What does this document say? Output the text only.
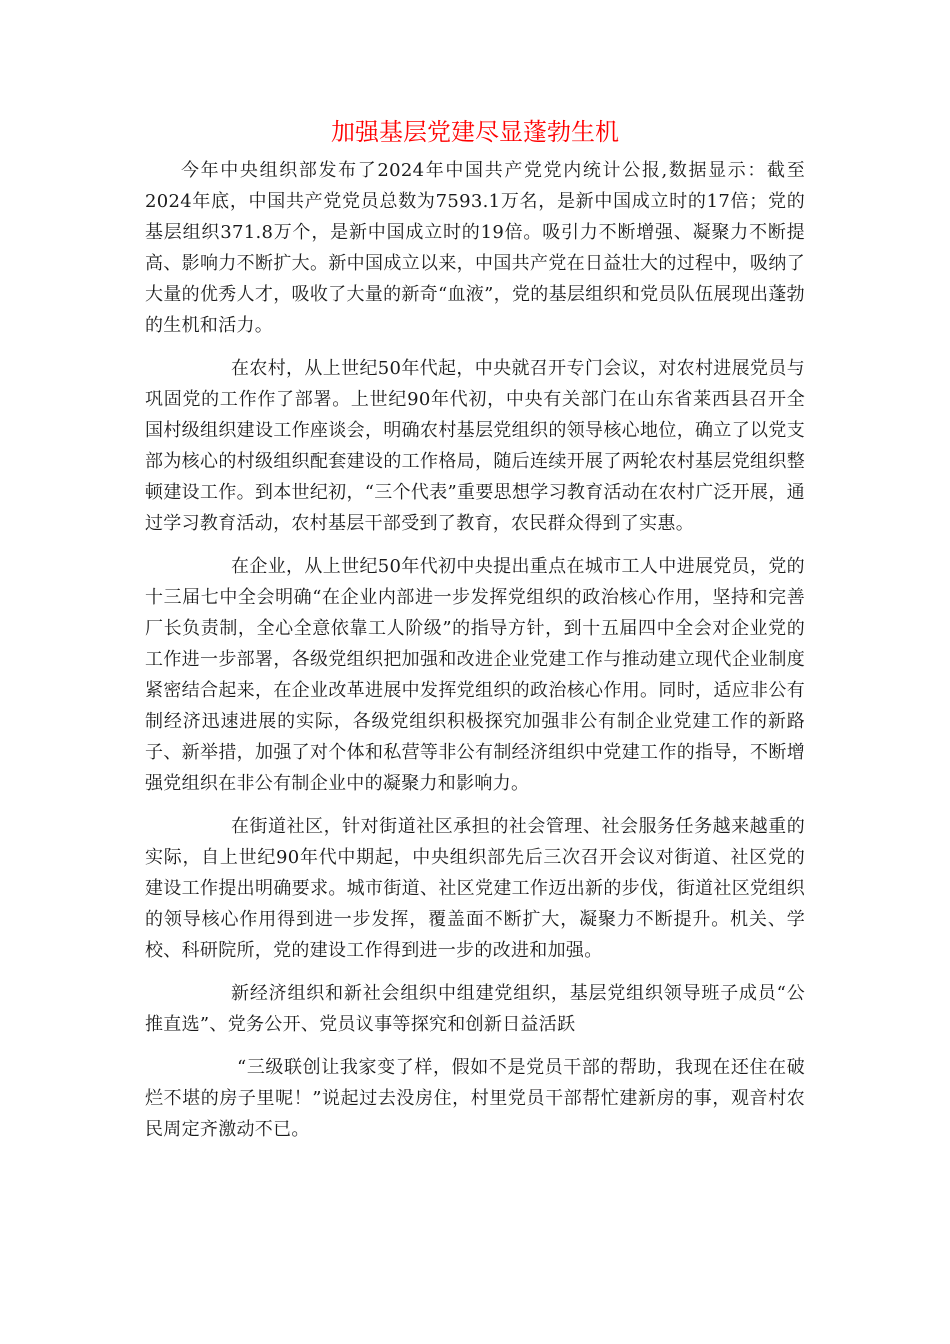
加强基层党建尽显蓬勃生机

今年中央组织部发布了2024年中国共产党党内统计公报,数据显示：截至2024年底，中国共产党党员总数为7593.1万名，是新中国成立时的17倍；党的基层组织371.8万个，是新中国成立时的19倍。吸引力不断增强、凝聚力不断提高、影响力不断扩大。新中国成立以来，中国共产党在日益壮大的过程中，吸纳了大量的优秀人才，吸收了大量的新奇“血液”，党的基层组织和党员队伍展现出蓬勃的生机和活力。

在农村，从上世纪50年代起，中央就召开专门会议，对农村进展党员与巩固党的工作作了部署。上世纪90年代初，中央有关部门在山东省莱西县召开全国村级组织建设工作座谈会，明确农村基层党组织的领导核心地位，确立了以党支部为核心的村级组织配套建设的工作格局，随后连续开展了两轮农村基层党组织整顿建设工作。到本世纪初，“三个代表”重要思想学习教育活动在农村广泛开展，通过学习教育活动，农村基层干部受到了教育，农民群众得到了实惠。

在企业，从上世纪50年代初中央提出重点在城市工人中进展党员，党的十三届七中全会明确“在企业内部进一步发挥党组织的政治核心作用，坚持和完善厂长负责制，全心全意依靠工人阶级”的指导方针，到十五届四中全会对企业党的工作进一步部署，各级党组织把加强和改进企业党建工作与推动建立现代企业制度紧密结合起来，在企业改革进展中发挥党组织的政治核心作用。同时，适应非公有制经济迅速进展的实际，各级党组织积极探究加强非公有制企业党建工作的新路子、新举措，加强了对个体和私营等非公有制经济组织中党建工作的指导，不断增强党组织在非公有制企业中的凝聚力和影响力。

在街道社区，针对街道社区承担的社会管理、社会服务任务越来越重的实际，自上世纪90年代中期起，中央组织部先后三次召开会议对街道、社区党的建设工作提出明确要求。城市街道、社区党建工作迈出新的步伐，街道社区党组织的领导核心作用得到进一步发挥，覆盖面不断扩大，凝聚力不断提升。机关、学校、科研院所，党的建设工作得到进一步的改进和加强。

新经济组织和新社会组织中组建党组织，基层党组织领导班子成员“公推直选”、党务公开、党员议事等探究和创新日益活跃

“三级联创让我家变了样，假如不是党员干部的帮助，我现在还住在破烂不堪的房子里呢！”说起过去没房住，村里党员干部帮忙建新房的事，观音村农民周定齐激动不已。
